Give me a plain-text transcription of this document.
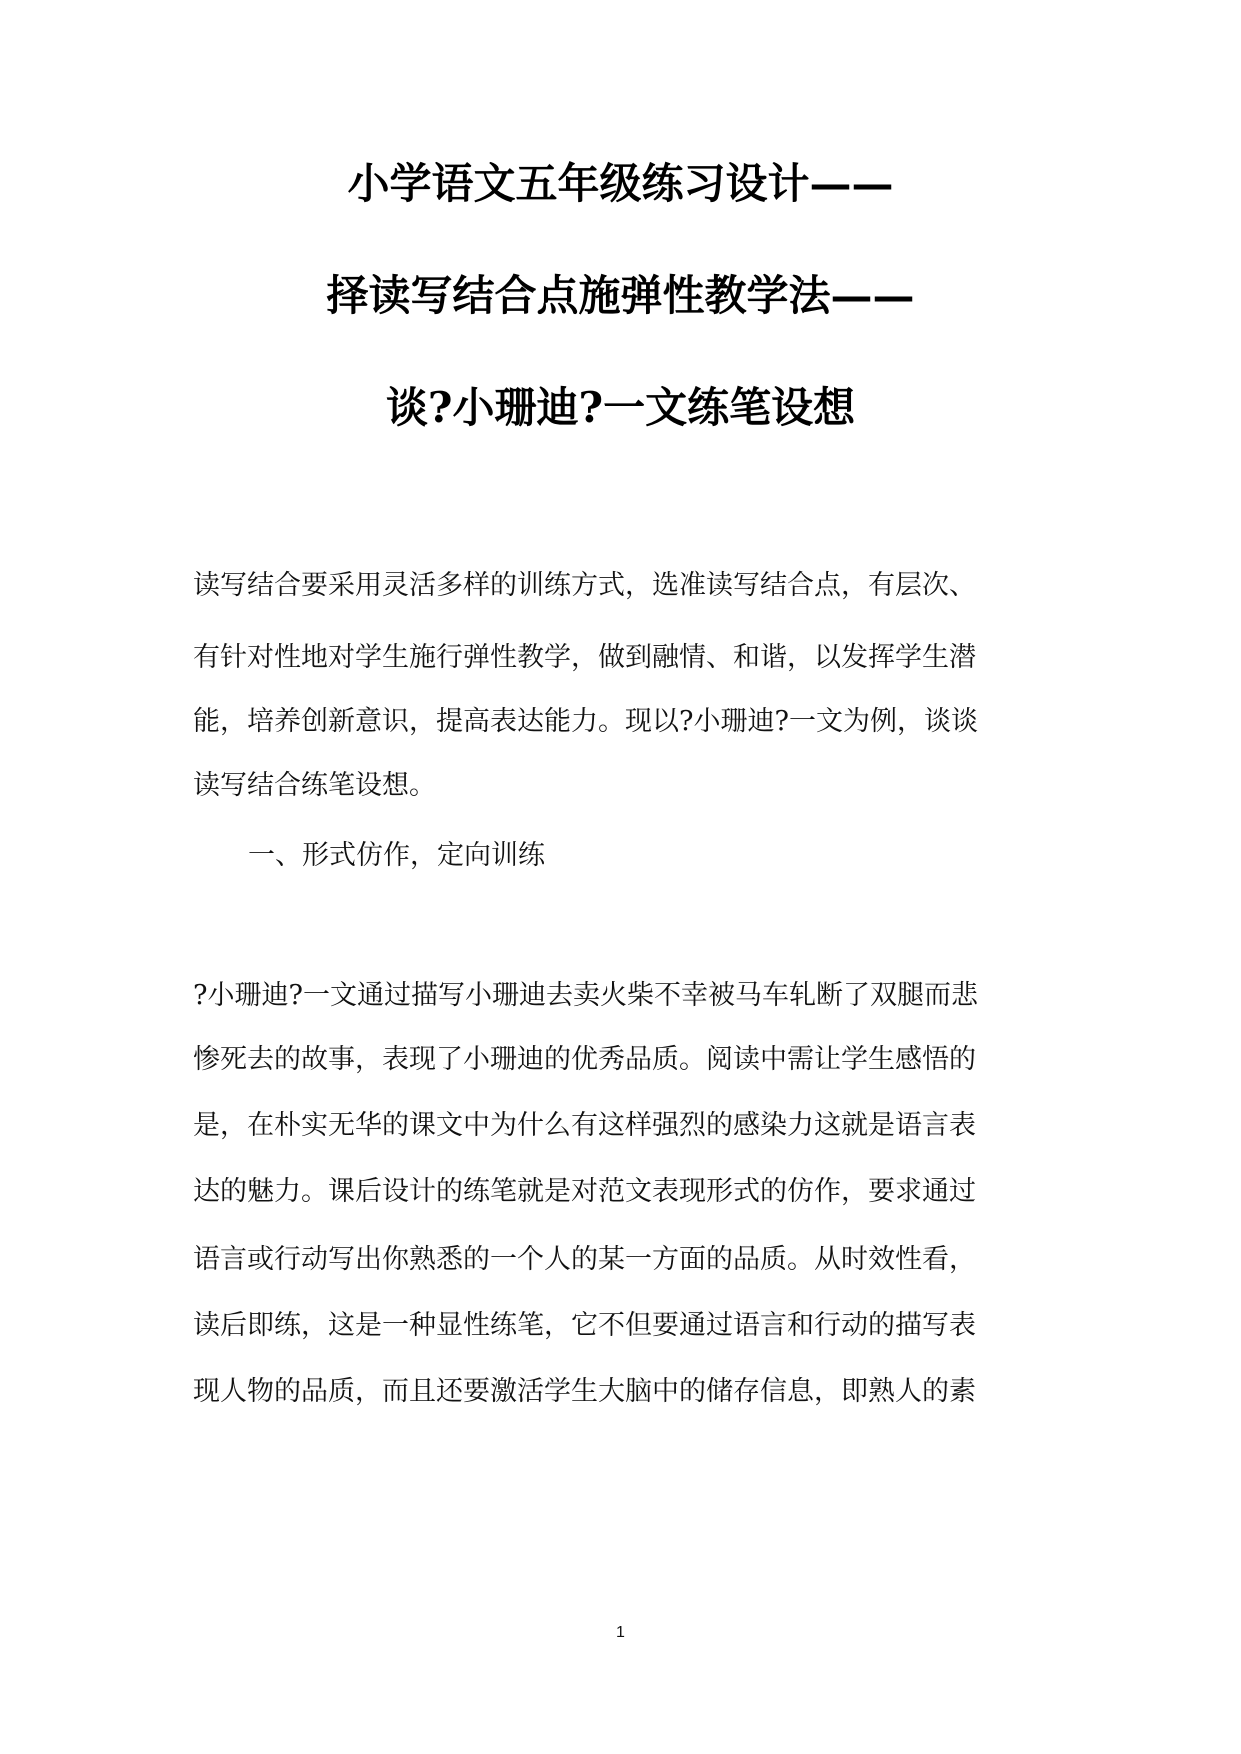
小学语文五年级练习设计——
择读写结合点施弹性教学法——
谈?小珊迪?一文练笔设想
读写结合要采用灵活多样的训练方式，选准读写结合点，有层次、
有针对性地对学生施行弹性教学，做到融情、和谐，以发挥学生潜
能，培养创新意识，提高表达能力。现以?小珊迪?一文为例，谈谈
读写结合练笔设想。
一、形式仿作，定向训练
?小珊迪?一文通过描写小珊迪去卖火柴不幸被马车轧断了双腿而悲
惨死去的故事，表现了小珊迪的优秀品质。阅读中需让学生感悟的
是，在朴实无华的课文中为什么有这样强烈的感染力这就是语言表
达的魅力。课后设计的练笔就是对范文表现形式的仿作，要求通过
语言或行动写出你熟悉的一个人的某一方面的品质。从时效性看，
读后即练，这是一种显性练笔，它不但要通过语言和行动的描写表
现人物的品质，而且还要激活学生大脑中的储存信息，即熟人的素
1
